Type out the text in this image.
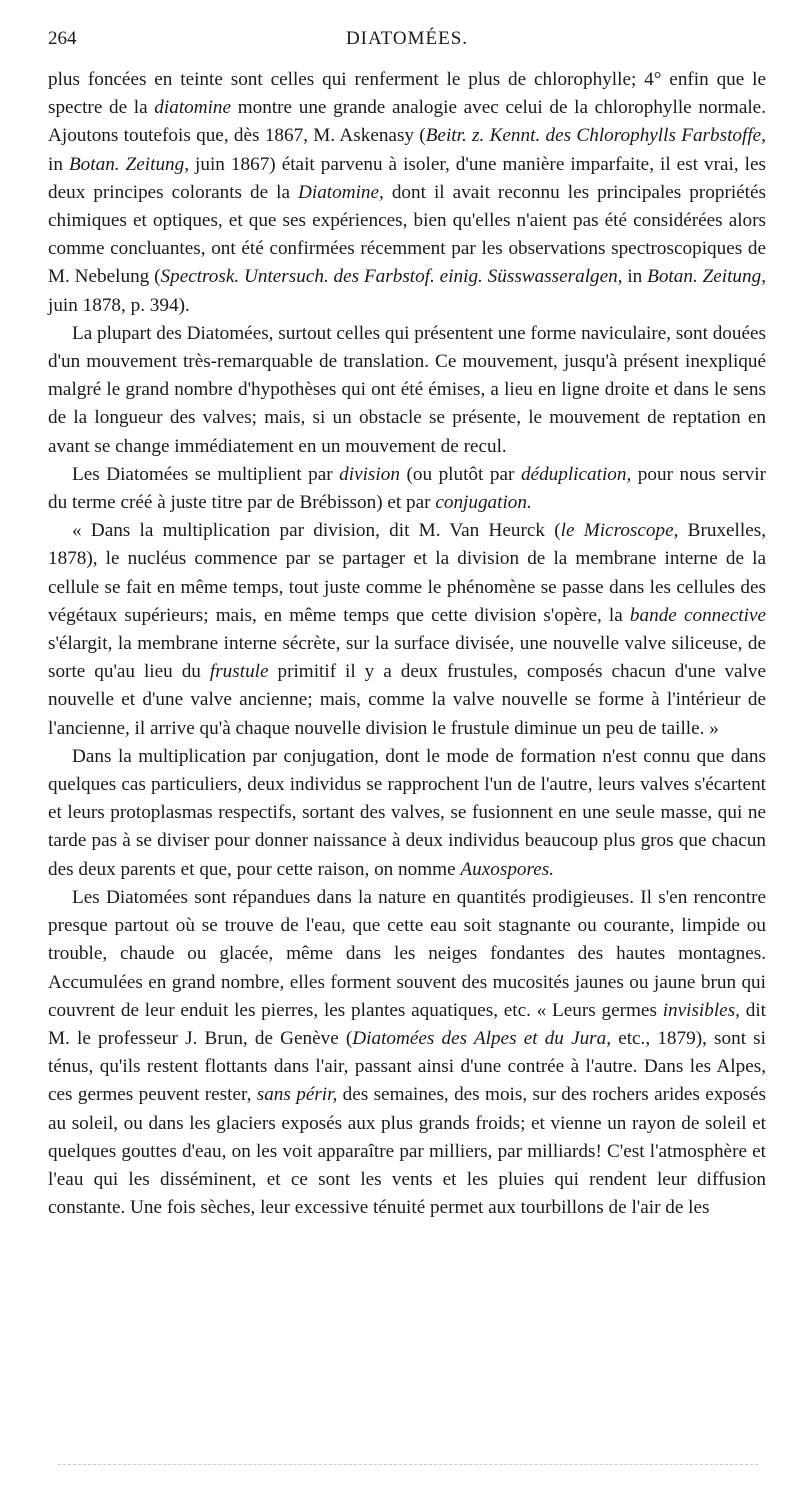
264	DIATOMÉES.

plus foncées en teinte sont celles qui renferment le plus de chlorophylle; 4° enfin que le spectre de la diatomine montre une grande analogie avec celui de la chlorophylle normale. Ajoutons toutefois que, dès 1867, M. Askenasy (Beitr. z. Kennt. des Chlorophylls Farbstoffe, in Botan. Zeitung, juin 1867) était parvenu à isoler, d'une manière imparfaite, il est vrai, les deux principes colorants de la Diatomine, dont il avait reconnu les principales propriétés chimiques et optiques, et que ses expériences, bien qu'elles n'aient pas été considérées alors comme concluantes, ont été confirmées récemment par les observations spectroscopiques de M. Nebelung (Spectrosk. Untersuch. des Farbstof. einig. Süsswasseralgen, in Botan. Zeitung, juin 1878, p. 394).

La plupart des Diatomées, surtout celles qui présentent une forme naviculaire, sont douées d'un mouvement très-remarquable de translation. Ce mouvement, jusqu'à présent inexpliqué malgré le grand nombre d'hypothèses qui ont été émises, a lieu en ligne droite et dans le sens de la longueur des valves; mais, si un obstacle se présente, le mouvement de reptation en avant se change immédiatement en un mouvement de recul.

Les Diatomées se multiplient par division (ou plutôt par déduplication, pour nous servir du terme créé à juste titre par de Brébisson) et par conjugation.

« Dans la multiplication par division, dit M. Van Heurck (le Microscope, Bruxelles, 1878), le nucléus commence par se partager et la division de la membrane interne de la cellule se fait en même temps, tout juste comme le phénomène se passe dans les cellules des végétaux supérieurs; mais, en même temps que cette division s'opère, la bande connective s'élargit, la membrane interne sécrète, sur la surface divisée, une nouvelle valve siliceuse, de sorte qu'au lieu du frustule primitif il y a deux frustules, composés chacun d'une valve nouvelle et d'une valve ancienne; mais, comme la valve nouvelle se forme à l'intérieur de l'ancienne, il arrive qu'à chaque nouvelle division le frustule diminue un peu de taille. »

Dans la multiplication par conjugation, dont le mode de formation n'est connu que dans quelques cas particuliers, deux individus se rapprochent l'un de l'autre, leurs valves s'écartent et leurs protoplasmas respectifs, sortant des valves, se fusionnent en une seule masse, qui ne tarde pas à se diviser pour donner naissance à deux individus beaucoup plus gros que chacun des deux parents et que, pour cette raison, on nomme Auxospores.

Les Diatomées sont répandues dans la nature en quantités prodigieuses. Il s'en rencontre presque partout où se trouve de l'eau, que cette eau soit stagnante ou courante, limpide ou trouble, chaude ou glacée, même dans les neiges fondantes des hautes montagnes. Accumulées en grand nombre, elles forment souvent des mucosités jaunes ou jaune brun qui couvrent de leur enduit les pierres, les plantes aquatiques, etc. « Leurs germes invisibles, dit M. le professeur J. Brun, de Genève (Diatomées des Alpes et du Jura, etc., 1879), sont si ténus, qu'ils restent flottants dans l'air, passant ainsi d'une contrée à l'autre. Dans les Alpes, ces germes peuvent rester, sans périr, des semaines, des mois, sur des rochers arides exposés au soleil, ou dans les glaciers exposés aux plus grands froids; et vienne un rayon de soleil et quelques gouttes d'eau, on les voit apparaître par milliers, par milliards! C'est l'atmosphère et l'eau qui les disséminent, et ce sont les vents et les pluies qui rendent leur diffusion constante. Une fois sèches, leur excessive ténuité permet aux tourbillons de l'air de les
